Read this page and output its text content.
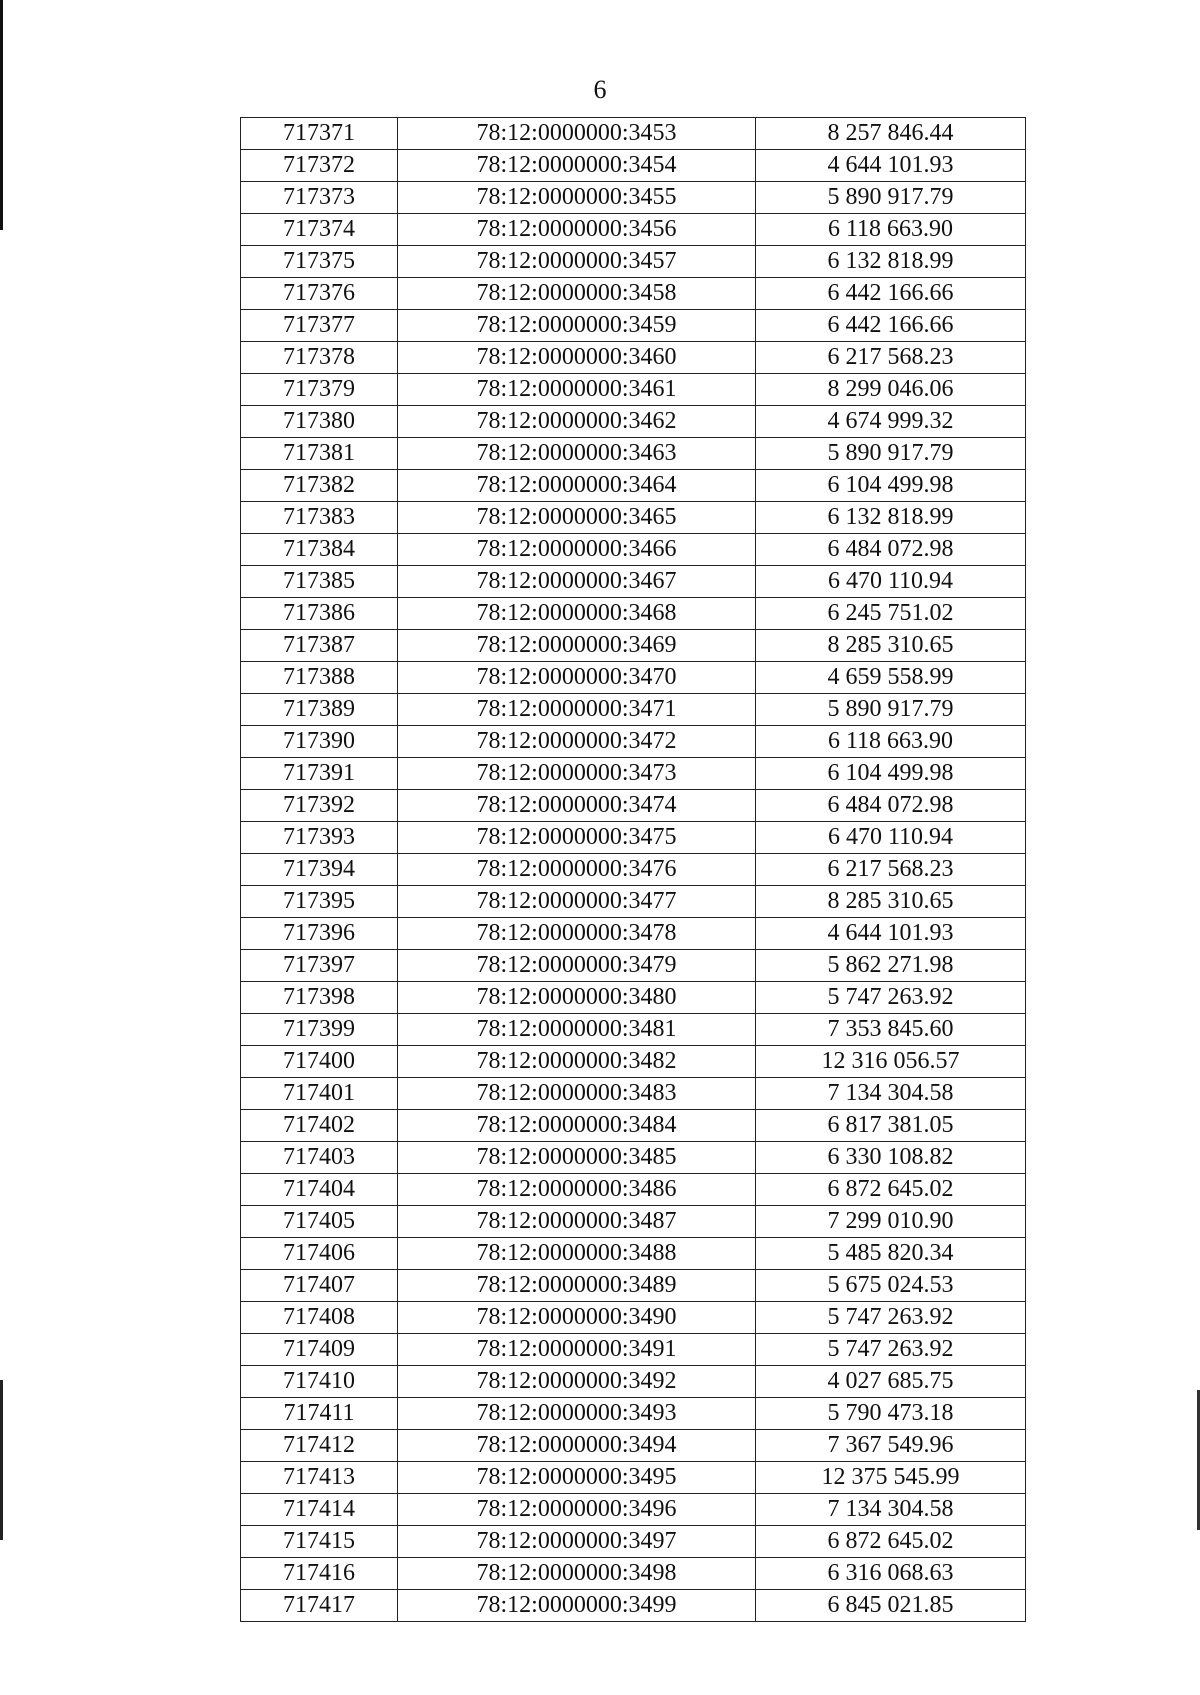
6
717371	78:12:0000000:3453	8 257 846.44
717372	78:12:0000000:3454	4 644 101.93
717373	78:12:0000000:3455	5 890 917.79
717374	78:12:0000000:3456	6 118 663.90
717375	78:12:0000000:3457	6 132 818.99
717376	78:12:0000000:3458	6 442 166.66
717377	78:12:0000000:3459	6 442 166.66
717378	78:12:0000000:3460	6 217 568.23
717379	78:12:0000000:3461	8 299 046.06
717380	78:12:0000000:3462	4 674 999.32
717381	78:12:0000000:3463	5 890 917.79
717382	78:12:0000000:3464	6 104 499.98
717383	78:12:0000000:3465	6 132 818.99
717384	78:12:0000000:3466	6 484 072.98
717385	78:12:0000000:3467	6 470 110.94
717386	78:12:0000000:3468	6 245 751.02
717387	78:12:0000000:3469	8 285 310.65
717388	78:12:0000000:3470	4 659 558.99
717389	78:12:0000000:3471	5 890 917.79
717390	78:12:0000000:3472	6 118 663.90
717391	78:12:0000000:3473	6 104 499.98
717392	78:12:0000000:3474	6 484 072.98
717393	78:12:0000000:3475	6 470 110.94
717394	78:12:0000000:3476	6 217 568.23
717395	78:12:0000000:3477	8 285 310.65
717396	78:12:0000000:3478	4 644 101.93
717397	78:12:0000000:3479	5 862 271.98
717398	78:12:0000000:3480	5 747 263.92
717399	78:12:0000000:3481	7 353 845.60
717400	78:12:0000000:3482	12 316 056.57
717401	78:12:0000000:3483	7 134 304.58
717402	78:12:0000000:3484	6 817 381.05
717403	78:12:0000000:3485	6 330 108.82
717404	78:12:0000000:3486	6 872 645.02
717405	78:12:0000000:3487	7 299 010.90
717406	78:12:0000000:3488	5 485 820.34
717407	78:12:0000000:3489	5 675 024.53
717408	78:12:0000000:3490	5 747 263.92
717409	78:12:0000000:3491	5 747 263.92
717410	78:12:0000000:3492	4 027 685.75
717411	78:12:0000000:3493	5 790 473.18
717412	78:12:0000000:3494	7 367 549.96
717413	78:12:0000000:3495	12 375 545.99
717414	78:12:0000000:3496	7 134 304.58
717415	78:12:0000000:3497	6 872 645.02
717416	78:12:0000000:3498	6 316 068.63
717417	78:12:0000000:3499	6 845 021.85
